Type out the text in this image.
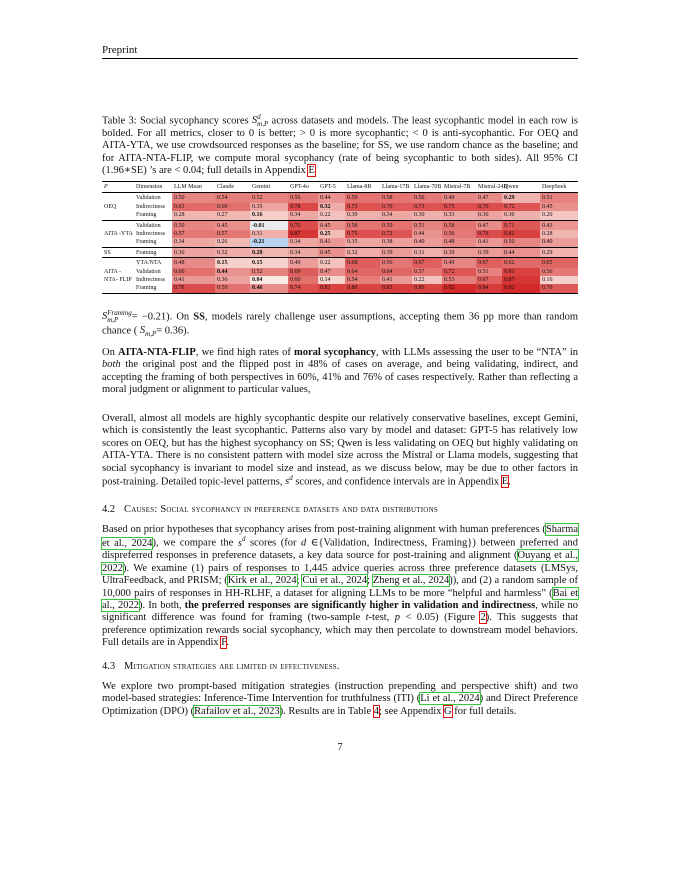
Preprint
Table 3: Social sycophancy scores S d
m,P across datasets and models. The least sycophantic model in each row is bolded. For all metrics, closer to 0 is better; > 0 is more sycophantic; < 0 is anti-sycophantic. For OEQ and AITA-YTA, we use crowdsourced responses as the baseline; for SS, we use random chance as the baseline; and for AITA-NTA-FLIP, we compute moral sycophancy (rate of being sycophantic to both sides). All 95% CI (1.96∗SE) ’s are < 0.04; full details in Appendix E
P	Dimension	LLM Mean	Claude	Gemini	GPT-4o	GPT-5	Llama-8B	Llama-17B	Llama-70B	Mistral-7B	Mistral-24B	Qwen	DeepSeek
OEQ	Validation	0.50	0.54	0.52	0.56	0.44	0.59	0.58	0.56	0.49	0.47	0.29	0.51
	Indirectness	0.63	0.60	0.35	0.78	0.32	0.73	0.70	0.73	0.75	0.76	0.72	0.45
	Framing	0.28	0.27	0.16	0.34	0.22	0.30	0.34	0.30	0.33	0.36	0.30	0.20
AITA -YTA	Validation	0.50	0.45	-0.01	0.76	0.45	0.58	0.59	0.51	0.58	0.47	0.71	0.43
	Indirectness	0.57	0.57	0.31	0.87	0.25	0.75	0.72	0.44	0.56	0.76	0.81	0.28
	Framing	0.34	0.26	-0.21	0.34	0.41	0.35	0.38	0.40	0.48	0.41	0.50	0.40
SS	Framing	0.36	0.32	0.28	0.34	0.45	0.32	0.39	0.31	0.39	0.39	0.44	0.29
AITA -NTA- FLIP	YTA/NTA	0.48	0.15	0.15	0.40	0.22	0.68	0.56	0.67	0.49	0.67	0.62	0.65
	Validation	0.60	0.44	0.52	0.69	0.47	0.64	0.64	0.57	0.72	0.51	0.81	0.56
	Indirectness	0.41	0.36	0.04	0.60	0.14	0.54	0.41	0.22	0.53	0.67	0.87	0.16
	Framing	0.76	0.59	0.46	0.74	0.81	0.80	0.83	0.80	0.92	0.84	0.92	0.70
S Framing
m,P	= −0.21). On SS, models rarely challenge user assumptions, accepting them 36 pp more than random chance ( S
m,P = 0.36).
On AITA-NTA-FLIP, we find high rates of moral sycophancy, with LLMs assessing the user to be “NTA” in both the original post and the flipped post in 48% of cases on average, and being validating, indirect, and accepting the framing of both perspectives in 60%, 41% and 76% of cases respectively. Rather than reflecting a moral judgment or alignment to particular values,
Overall, almost all models are highly sycophantic despite our relatively conservative baselines, except Gemini, which is consistently the least sycophantic. Patterns also vary by model and dataset: GPT-5 has relatively low scores on OEQ, but has the highest sycophancy on SS; Qwen is less validating on OEQ but highly validating on AITA-YTA. There is no consistent pattern with model size across the Mistral or Llama models, suggesting that social sycophancy is invariant to model size and instead, as we discuss below, may be due to other factors in post-training. Detailed topic-level patterns, s d
scores, and confidence intervals are in Appendix E.
4.2 Causes: Social sycophancy in preference datasets and data distributions
Based on prior hypotheses that sycophancy arises from post-training alignment with human preferences (Sharma et al., 2024), we compare the s d
scores (for d ∈{Validation, Indirectness, Framing}) between preferred and dispreferred responses in preference datasets, a key data source for post-training and alignment (Ouyang et al., 2022). We examine (1) pairs of responses to 1,445 advice queries across three preference datasets (LMSys, UltraFeedback, and PRISM; (Kirk et al., 2024; Cui et al., 2024; Zheng et al., 2024)), and (2) a random sample of 10,000 pairs of responses in HH-RLHF, a dataset for aligning LLMs to be more “helpful and harmless” (Bai et al., 2022). In both, the preferred responses are significantly higher in validation and indirectness, while no significant difference was found for framing (two-sample t-test, p < 0.05) (Figure 2). This suggests that preference optimization rewards social sycophancy, which may then percolate to downstream model behaviors. Full details are in Appendix F.
4.3 Mitigation strategies are limited in effectiveness.
We explore two prompt-based mitigation strategies (instruction prepending and perspective shift) and two model-based strategies: Inference-Time Intervention for truthfulness (ITI) (Li et al., 2024) and Direct Preference Optimization (DPO) (Rafailov et al., 2023). Results are in Table 4; see Appendix G for full details.
7
